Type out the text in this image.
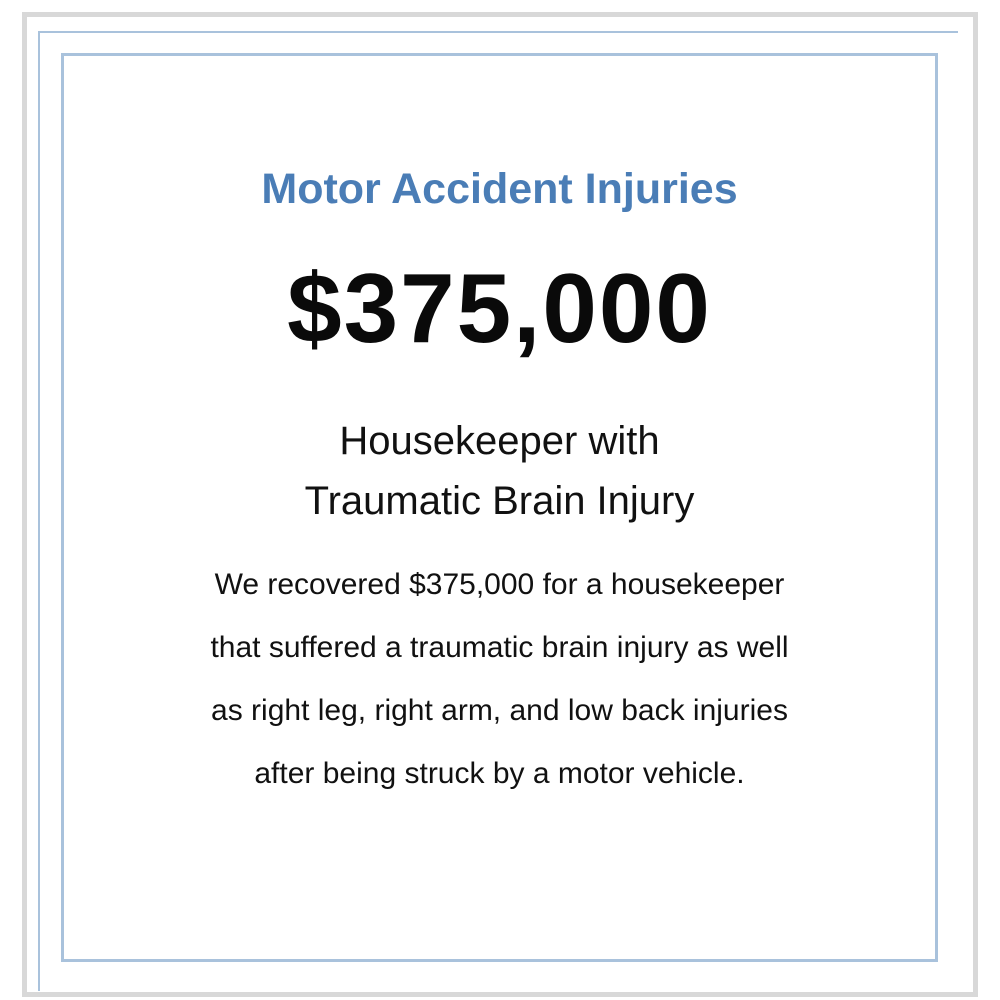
Motor Accident Injuries
$375,000
Housekeeper with
Traumatic Brain Injury
We recovered $375,000 for a housekeeper
that suffered a traumatic brain injury as well
as right leg, right arm, and low back injuries
after being struck by a motor vehicle.
